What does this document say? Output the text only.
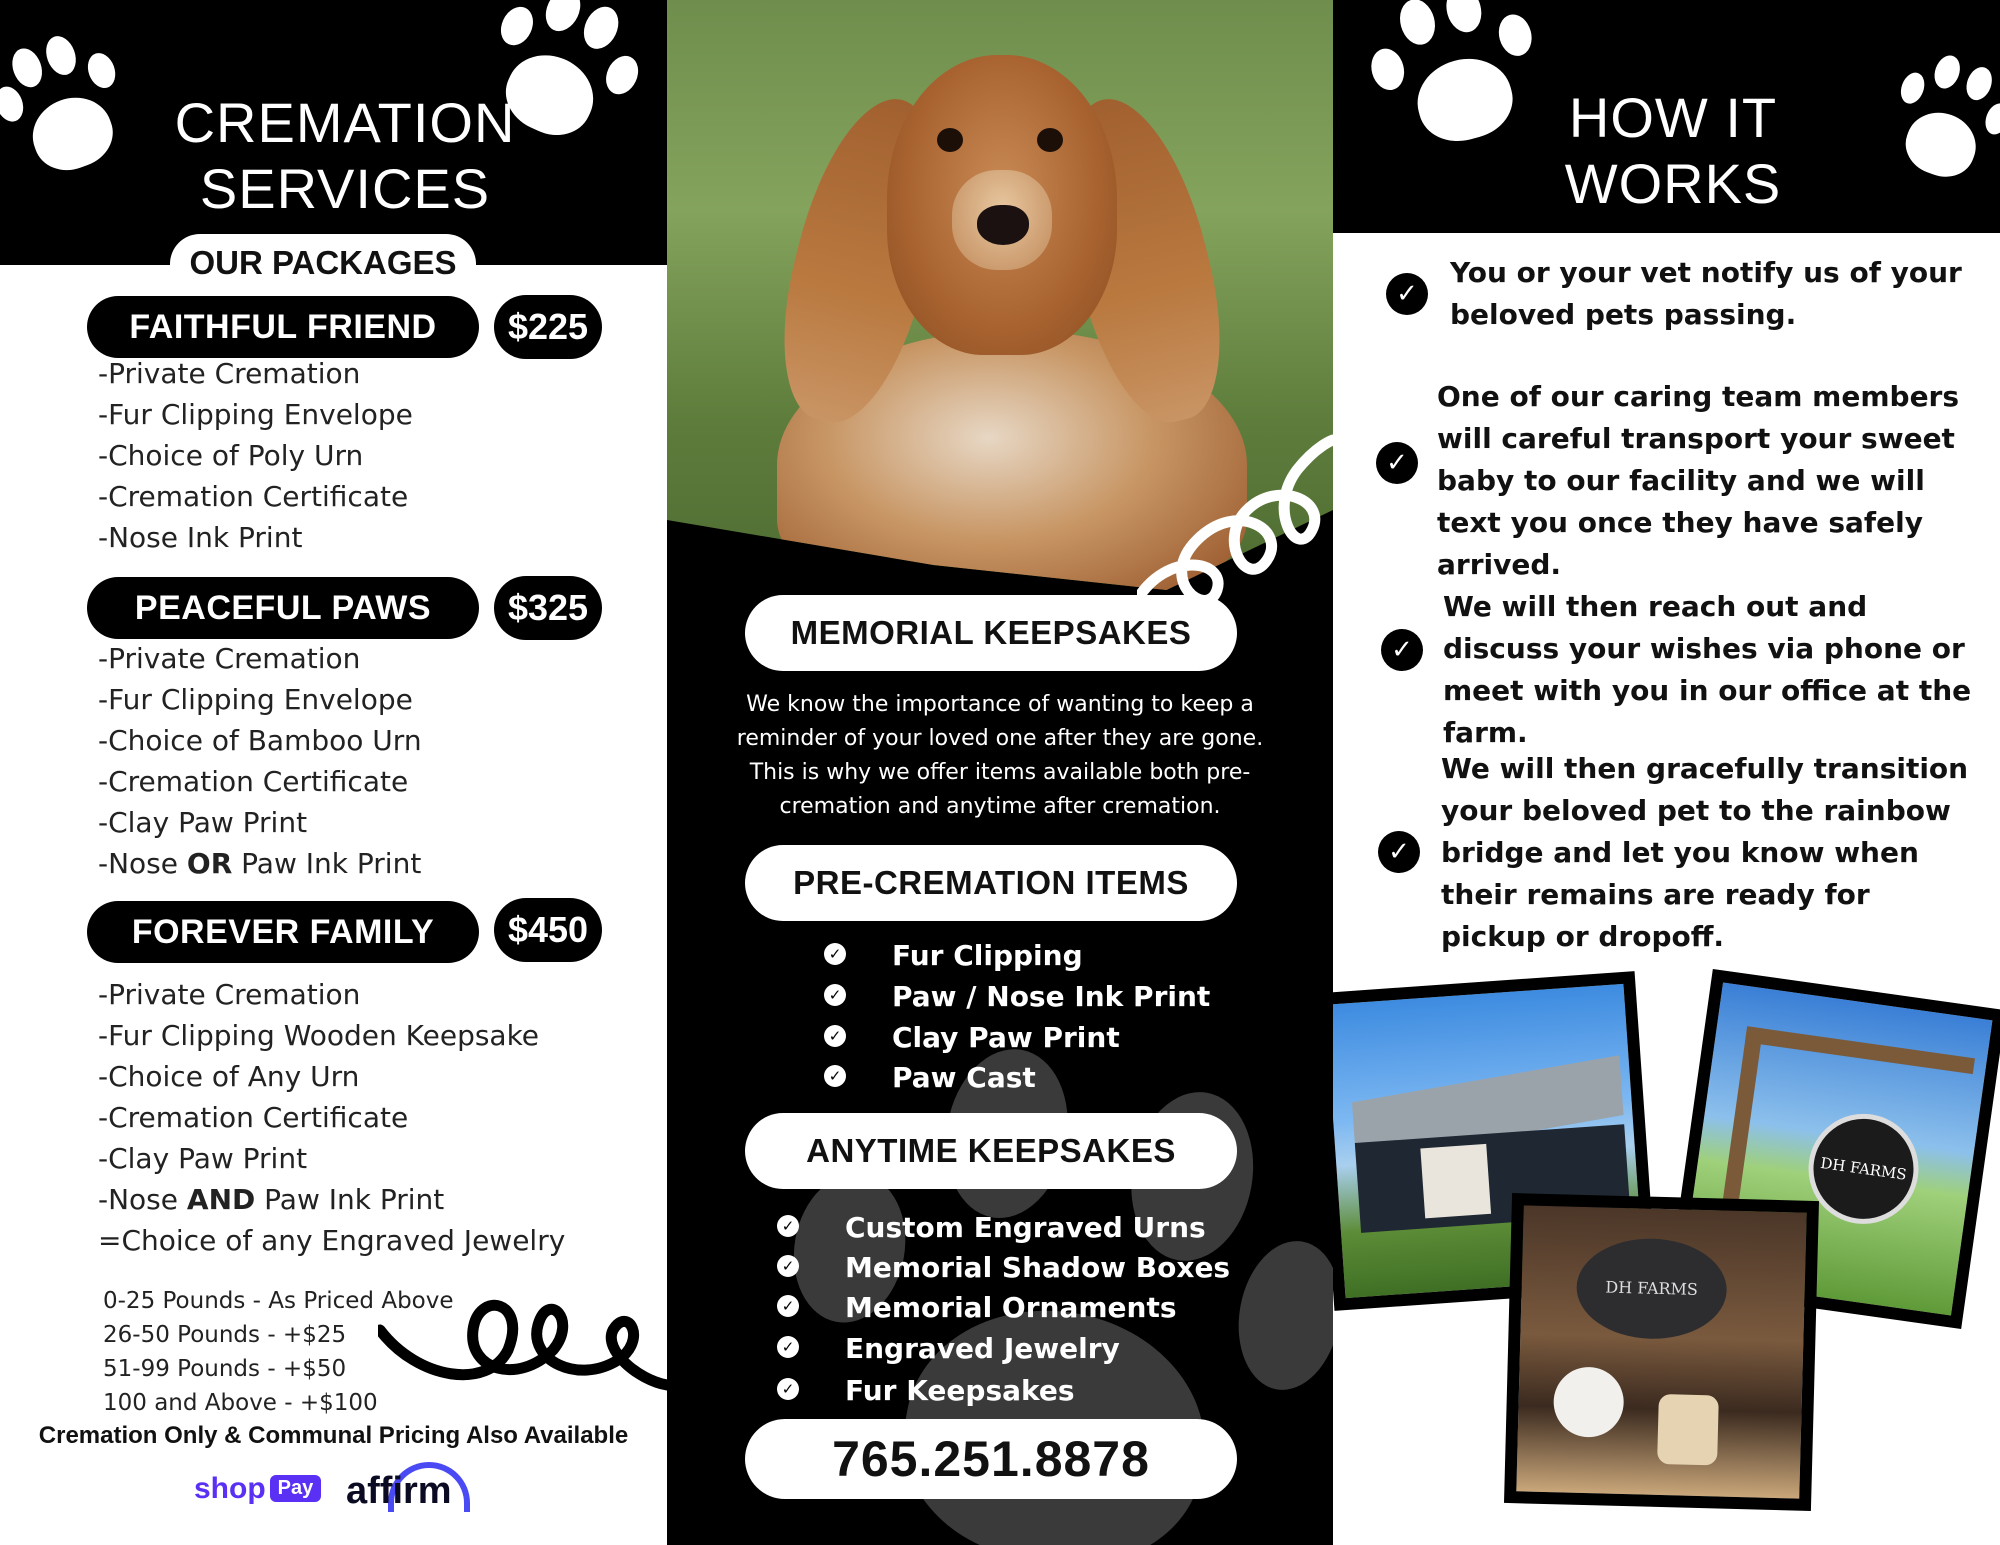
CREMATION
SERVICES
OUR PACKAGES
FAITHFUL FRIEND	$225
-Private Cremation
-Fur Clipping Envelope
-Choice of Poly Urn
-Cremation Certificate
-Nose Ink Print
PEACEFUL PAWS	$325
-Private Cremation
-Fur Clipping Envelope
-Choice of Bamboo Urn
-Cremation Certificate
-Clay Paw Print
-Nose OR Paw Ink Print
FOREVER FAMILY	$450
-Private Cremation
-Fur Clipping Wooden Keepsake
-Choice of Any Urn
-Cremation Certificate
-Clay Paw Print
-Nose AND Paw Ink Print
=Choice of any Engraved Jewelry
0-25 Pounds - As Priced Above
26-50 Pounds - +$25
51-99 Pounds - +$50
100 and Above - +$100
Cremation Only & Communal Pricing Also Available
shop Pay affirm
MEMORIAL KEEPSAKES
We know the importance of wanting to keep a reminder of your loved one after they are gone. This is why we offer items available both pre-cremation and anytime after cremation.
PRE-CREMATION ITEMS
✓ Fur Clipping
✓ Paw / Nose Ink Print
✓ Clay Paw Print
✓ Paw Cast
ANYTIME KEEPSAKES
✓ Custom Engraved Urns
✓ Memorial Shadow Boxes
✓ Memorial Ornaments
✓ Engraved Jewelry
✓ Fur Keepsakes
765.251.8878
HOW IT
WORKS
✓
You or your vet notify us of your beloved pets passing.
✓
One of our caring team members will careful transport your sweet baby to our facility and we will text you once they have safely arrived.
✓
We will then reach out and discuss your wishes via phone or meet with you in our office at the farm.
✓
We will then gracefully transition your beloved pet to the rainbow bridge and let you know when their remains are ready for pickup or dropoff.
DH FARMS
DH FARMS
